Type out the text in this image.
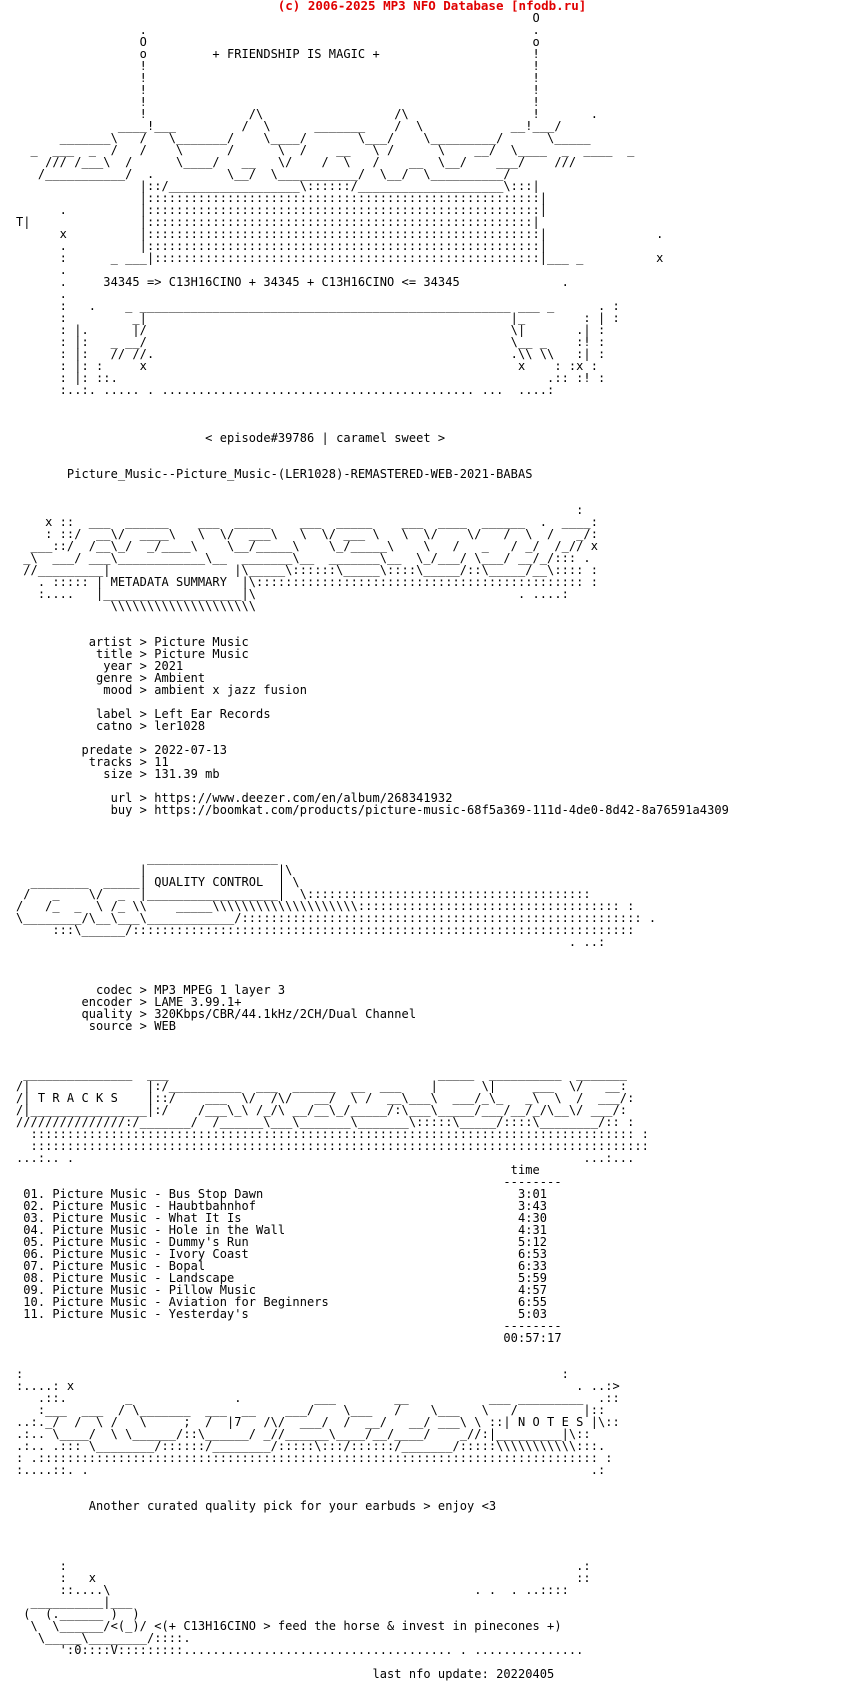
(c) 2006-2025 MP3 NFO Database [nfodb.ru]
O
.                                                     .
O                                                     o
o         + FRIENDSHIP IS MAGIC +                     !
!                                                     !
!                                                     !
!                                                     !
!                                                     !
!              /\                  /\                 !       .
____!___         /  \      _______    /  \            __!___/
_______\   /   \_______/    \____/       \___/    \_________/      \_____
_  ___  _  /   /    \      /      \  /    __   \ /      \    __/  \____  _  ____  _
/// /___\  /      \____/   __   \/    /  \   /    __  \__/    ___/    ///
/___________/  .          \__/  \___________/  \__/  \__________/
|::/__________________\::::::/____________________\:::|
|::::::::::::::::::::::::::::::::::::::::::::::::::::::|
.          |::::::::::::::::::::::::::::::::::::::::::::::::::::::|
T|               |:::::::::::::::::::::::::::::::::::::::::::::::::::::|
x          |::::::::::::::::::::::::::::::::::::::::::::::::::::::|               .
.          |::::::::::::::::::::::::::::::::::::::::::::::::::::::|
:      _ ___|:::::::::::::::::::::::::::::::::::::::::::::::::::::|___ _          x
.
.     34345 => C13H16CINO + 34345 + C13H16CINO <= 34345              .
.
:   .    _ ___________________________________________________ ___ _      . :
:         _|                                                  |_        : | :
: |.      |/                                                  \|       .| :
: |:   _ __/                                                  \__ _    :! :
: |:   // //.                                                 .\\ \\   :| :
: |: :     x                                                   x    : :x :
: |: ::.                                                           .:: :! :
:..:. ..... . ........................................... ...  ....:
< episode#39786 | caramel sweet >
Picture_Music--Picture_Music-(LER1028)-REMASTERED-WEB-2021-BABAS
:
x ::  ___  ______    ___  _____    ___  _____    ___  ____  ______  .  ____:
: ::/  __\/  ____\   \  \/  ___\   \  \/ ___ \   \  \/    \/   /  \  /   _/:
___::/  /__\_/  _/____\    \__/_____\    \_/_____\    \   /   _   / _/  /_// x
_\  ___/ ___\____________\__  _______\__  _______\__  \_/___/ \___/ __/_/::: .
//_________|                 |\_____\::::::\_____\::::\_____/::\_____/__\:::: :
. ::::: | METADATA SUMMARY  |\::::::::::::::::::::::::::::::::::::::::::::: :
:....   |___________________|\                                    . ....:
\\\\\\\\\\\\\\\\\\\\
artist > Picture Music
title > Picture Music
year > 2021
genre > Ambient
mood > ambient x jazz fusion
label > Left Ear Records
catno > ler1028
predate > 2022-07-13
tracks > 11
size > 131.39 mb
url > https://www.deezer.com/en/album/268341932
buy > https://boomkat.com/products/picture-music-68f5a369-111d-4de0-8d42-8a76591a4309
__________________
|                  |\
________  _____| QUALITY CONTROL  | \
/   _    \/  _  |__________________|  \:::::::::::::::::::::::::::::::::::::::
/   /_  _  \ /_ \\    _____\\\\\\\\\\\\\\\\\\\\:::::::::::::::::::::::::::::::::::: :
\________/\__\___\____________/::::::::::::::::::::::::::::::::::::::::::::::::::::::: .
:::\______/:::::::::::::::::::::::::::::::::::::::::::::::::::::::::::::::::::::
. ..:
codec > MP3 MPEG 1 layer 3
encoder > LAME 3.99.1+
quality > 320Kbps/CBR/44.1kHz/2CH/Dual Channel
source > WEB
_______________  ___                                     _____  __________  _______
/|                |:/__________  ___  ______  __  ___    |      \|     ___  \/   __:
/| T R A C K S    |::/    ___  \/  /\/   __/  \ /  __\___\  ___/_\_   _\  \  /  ___/:
/|________________|:/    /___\_\ /_/\ __/__\_/_____/:\___\_____/___/__/_/\__\/ ___/:
///////////////:/_______/  /______\___\_______\_______\:::::\_____/::::\________/:: :
::::::::::::::::::::::::::::::::::::::::::::::::::::::::::::::::::::::::::::::::::: :
:::::::::::::::::::::::::::::::::::::::::::::::::::::::::::::::::::::::::::::::::::::
...:.. .                                                                      ...:...
time
--------
01. Picture Music - Bus Stop Dawn                                   3:01
02. Picture Music - Haubtbahnhof                                    3:43
03. Picture Music - What It Is                                      4:30
04. Picture Music - Hole in the Wall                                4:31
05. Picture Music - Dummy's Run                                     5:12
06. Picture Music - Ivory Coast                                     6:53
07. Picture Music - Bopal                                           6:33
08. Picture Music - Landscape                                       5:59
09. Picture Music - Pillow Music                                    4:57
10. Picture Music - Aviation for Beginners                          6:55
11. Picture Music - Yesterday's                                     5:03
--------
00:57:17
:                                                                          :
:....: x                                                                     . ..:>
.::.        _              .          ___        __           ___ _________  .::
:___  ___  / \_______  ___  __    ___/    \___   /    \___   \   /         |::
..:._/  /  \ /   \     ;  /  |7   /\/  ___/  /  __/   __/ ___\ \ ::| N O T E S |\::
.:.. \____/  \ \______/::\______/ _//______\____/__/____/    _//:|_________|\::
.:.. .::: \________/::::::/________/:::::\:::/::::::/_______/:::::\\\\\\\\\\\:::.
: .::::::::::::::::::::::::::::::::::::::::::::::::::::::::::::::::::::::::::::: :
:....::. .                                                                     .:
Another curated quality pick for your earbuds > enjoy <3
:                                                                      .:
:   x                                                                  ::
::....\                                                  . .  . ..::::
__________|___
(  (.______ )  )
\  \______/<(_)/ <(+ C13H16CINO > feed the horse & invest in pinecones +)
\_____\________/::::.
':0::::V:::::::::..................................... . ...............
last nfo update: 20220405
